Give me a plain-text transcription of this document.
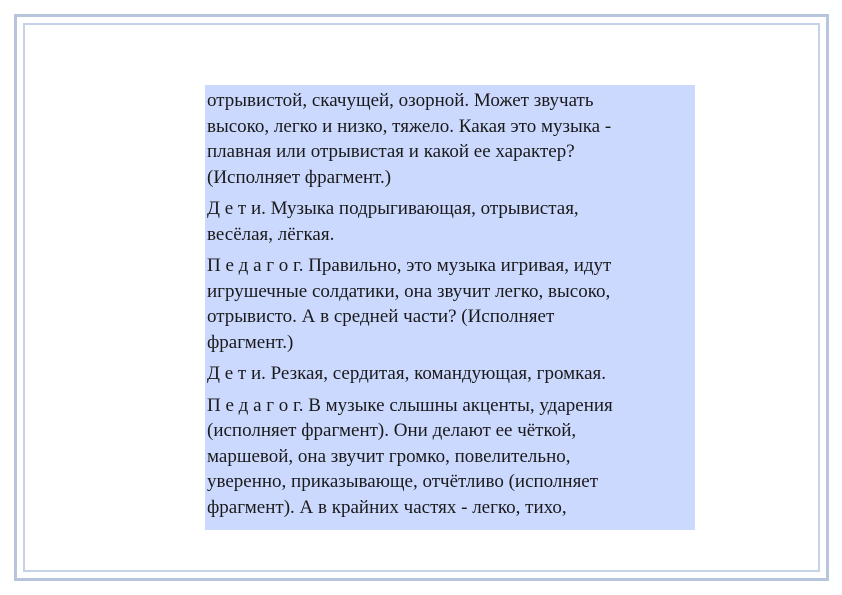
отрывистой, скачущей, озорной. Может звучать
высоко, легко и низко, тяжело. Какая это музыка -
плавная или отрывистая и какой ее характер?
(Исполняет фрагмент.)

Д е т и. Музыка подрыгивающая, отрывистая,
весёлая, лёгкая.

П е д а г о г. Правильно, это музыка игривая, идут
игрушечные солдатики, она звучит легко, высоко,
отрывисто. А в средней части? (Исполняет
фрагмент.)

Д е т и. Резкая, сердитая, командующая, громкая.

П е д а г о г. В музыке слышны акценты, ударения
(исполняет фрагмент). Они делают ее чёткой,
маршевой, она звучит громко, повелительно,
уверенно, приказывающе, отчётливо (исполняет
фрагмент). А в крайних частях - легко, тихо,
